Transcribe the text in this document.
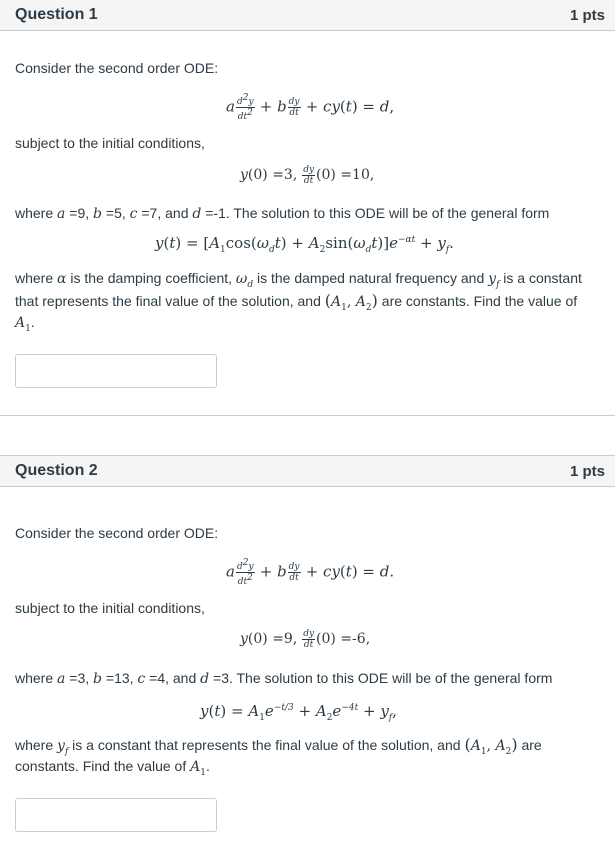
Question 1	1 pts
Consider the second order ODE:
a $\frac{d^2y}{dt^2} + b \frac{dy}{dt} + cy(t) = d$,
subject to the initial conditions,
y(0) =3, $\frac{dy}{dt} (0) =10$,
where a =9, b =5, c =7, and d =-1. The solution to this ODE will be of the general form
$y(t) = [A_1\cos(\omega_dt) + A_2\sin(\omega_dt)]e^{-\alpha t} + y_f$.
where α is the damping coefficient, $\omega_d$ is the damped natural frequency and $y_f$ is a constant
that represents the final value of the solution, and ($A_1$, $A_2$) are constants. Find the value of
$A_1$.
Question 2	1 pts
Consider the second order ODE:
a $\frac{d^2y}{dt^2} + b \frac{dy}{dt} + cy(t) = d$.
subject to the initial conditions,
y(0) =9, $\frac{dy}{dt} (0) =-6$,
where a =3, b =13, c =4, and d =3. The solution to this ODE will be of the general form
$y(t) = A_1e^{-t/3} + A_2e^{-4t} + y_f$,
where $y_f$ is a constant that represents the final value of the solution, and ($A_1$, $A_2$) are
constants. Find the value of $A_1$.
